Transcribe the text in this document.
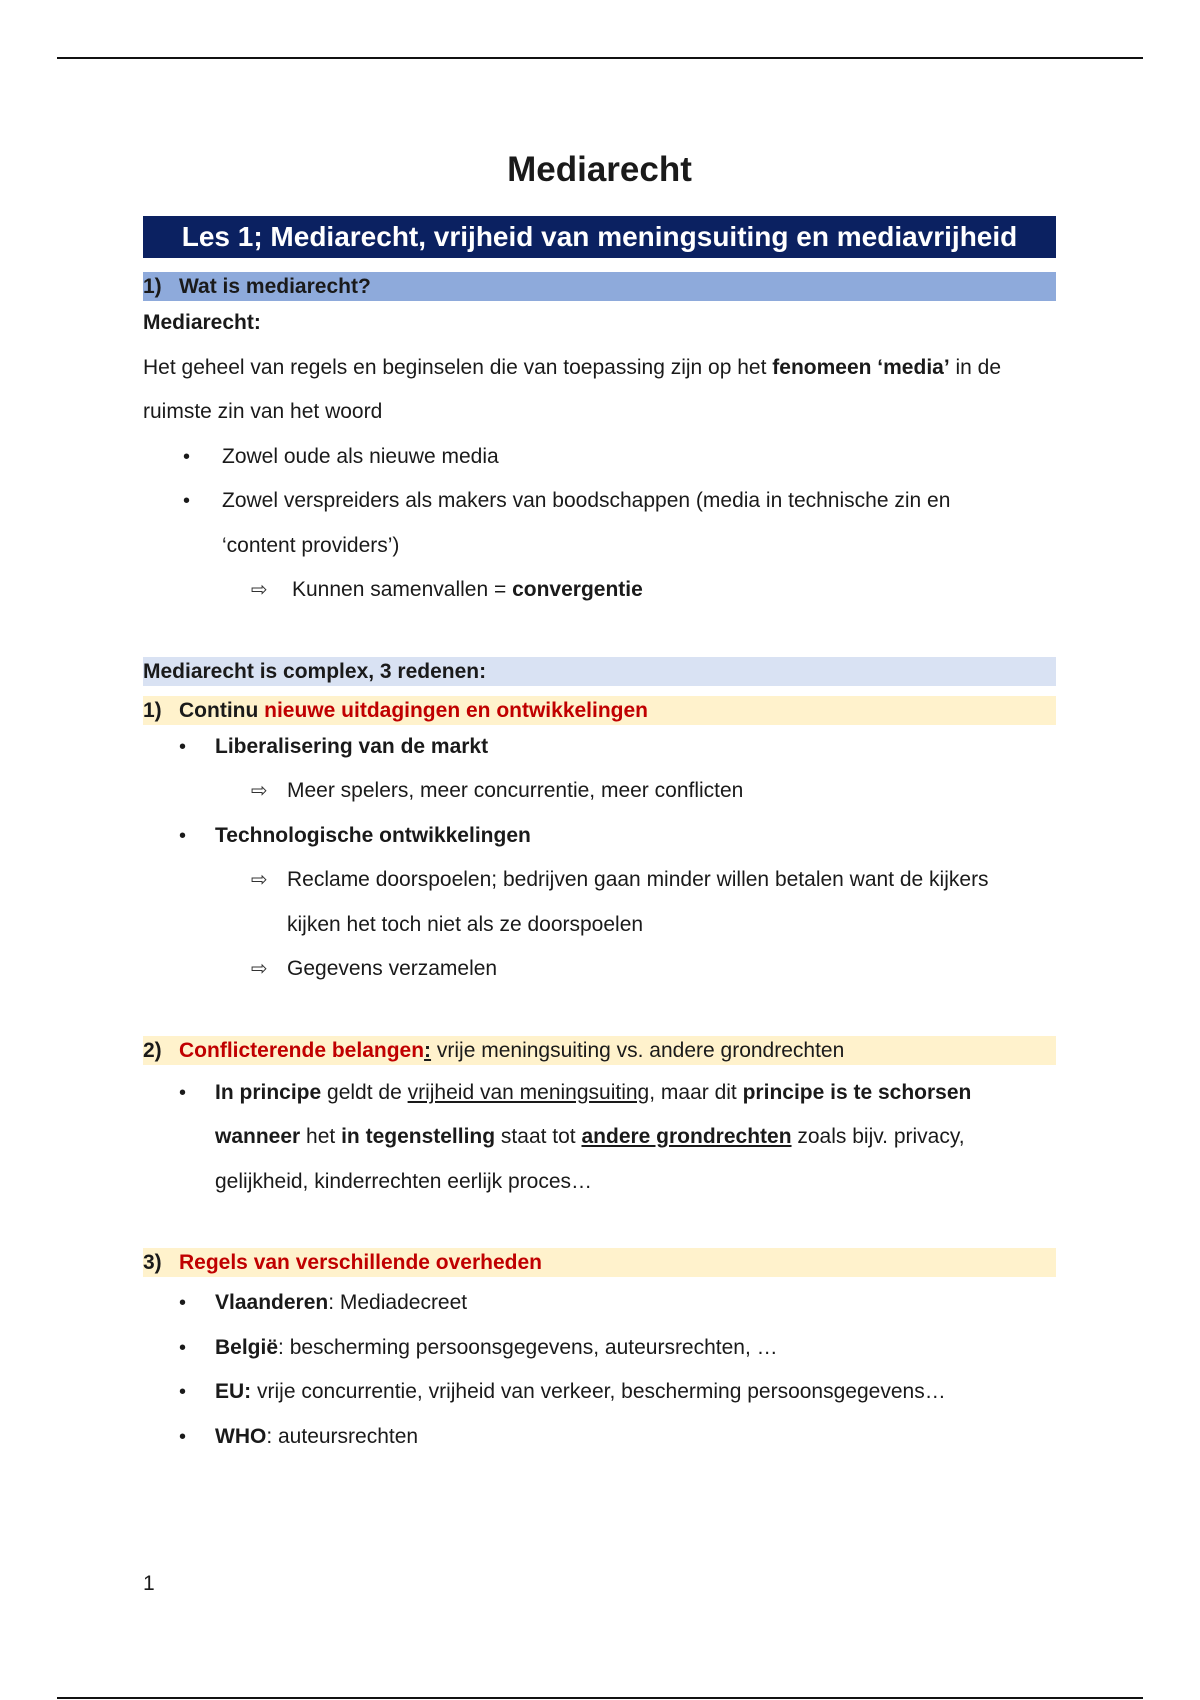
Mediarecht
Les 1; Mediarecht, vrijheid van meningsuiting en mediavrijheid
1) Wat is mediarecht?
Mediarecht:
Het geheel van regels en beginselen die van toepassing zijn op het fenomeen ‘media’ in de
ruimste zin van het woord
• Zowel oude als nieuwe media
• Zowel verspreiders als makers van boodschappen (media in technische zin en
‘content providers’)
⇨ Kunnen samenvallen = convergentie
Mediarecht is complex, 3 redenen:
1) Continu nieuwe uitdagingen en ontwikkelingen
• Liberalisering van de markt
⇨ Meer spelers, meer concurrentie, meer conflicten
• Technologische ontwikkelingen
⇨ Reclame doorspoelen; bedrijven gaan minder willen betalen want de kijkers
kijken het toch niet als ze doorspoelen
⇨ Gegevens verzamelen
2) Conflicterende belangen: vrije meningsuiting vs. andere grondrechten
• In principe geldt de vrijheid van meningsuiting, maar dit principe is te schorsen
wanneer het in tegenstelling staat tot andere grondrechten zoals bijv. privacy,
gelijkheid, kinderrechten eerlijk proces…
3) Regels van verschillende overheden
• Vlaanderen: Mediadecreet
• België: bescherming persoonsgegevens, auteursrechten, …
• EU: vrije concurrentie, vrijheid van verkeer, bescherming persoonsgegevens…
• WHO: auteursrechten
1
